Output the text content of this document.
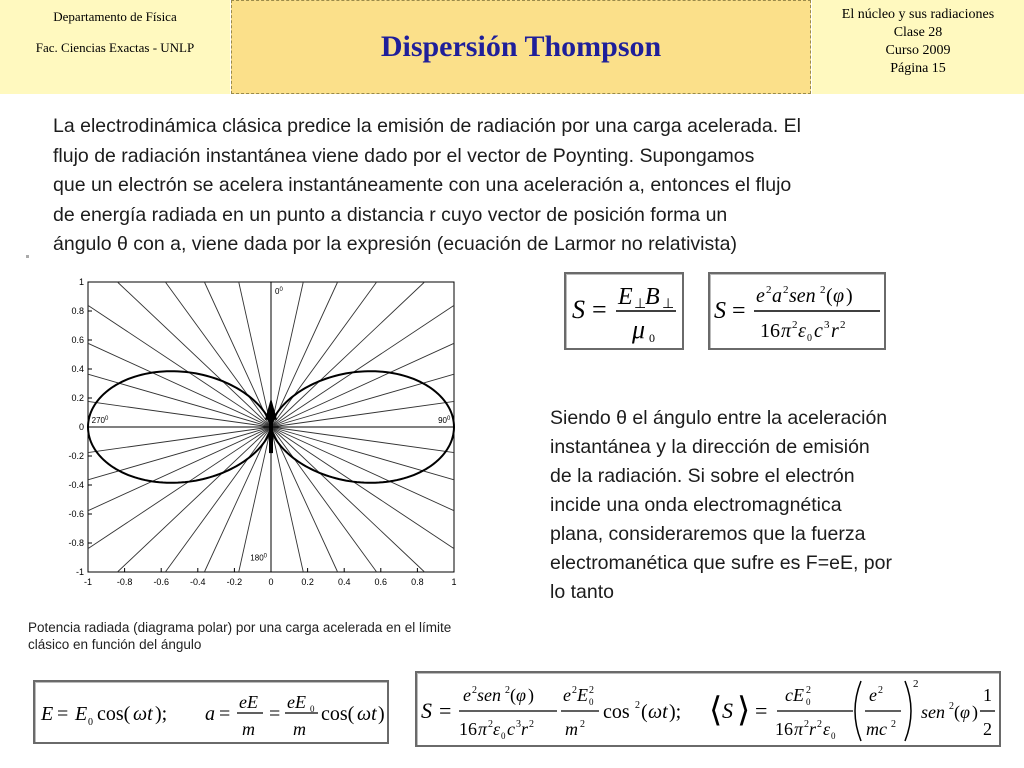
Departamento de Física
Fac. Ciencias Exactas - UNLP	Dispersión Thompson
El núcleo y sus radiaciones
Clase 28
Curso 2009
Página 15
La electrodinámica clásica predice la emisión de radiación por una carga acelerada. El
flujo de radiación instantánea viene dado por el vector de Poynting. Supongamos
que un electrón se acelera instantáneamente con una aceleración a, entonces el flujo
de energía radiada en un punto a distancia r cuyo vector de posición forma un
ángulo θ con a, viene dada por la expresión (ecuación de Larmor no relativista)
-1	-0.8 -0.6 -0.4 -0.2	0	0.2	0.4	0.6	0.8	1
1
0.8
0.6
0.4
0.2
0
-0.2
-0.4
-0.6
-0.8
-1
$0^0$
$180^0$
$270^0$	$90^0$
Potencia radiada (diagrama polar) por una carga acelerada en el límite
clásico en función del ángulo
S = E ⊥
B ⊥
μ 0
S =
e 2 a 2 sen 2 ( φ )
16 π 2 ε 0 c 3 r 2
Siendo θ el ángulo entre la aceleración
instantánea y la dirección de emisión
de la radiación. Si sobre el electrón
incide una onda electromagnética
plana, consideraremos que la fuerza
electromanética que sufre es F=eE, por
lo tanto
E = E 0 cos( ωt ); a =
eE
m
=
eE 0
m
cos( ωt ) S =
e 2 sen 2 ( φ )
16 π 2 ε 0 c 3 r 2
e 2 E 2
0
m 2
cos 2 ( ωt ); ⟨ S ⟩ =
cE 2
0
16 π 2 r 2 ε 0
e 2
mc 2
2
sen 2 ( φ )
1
2
